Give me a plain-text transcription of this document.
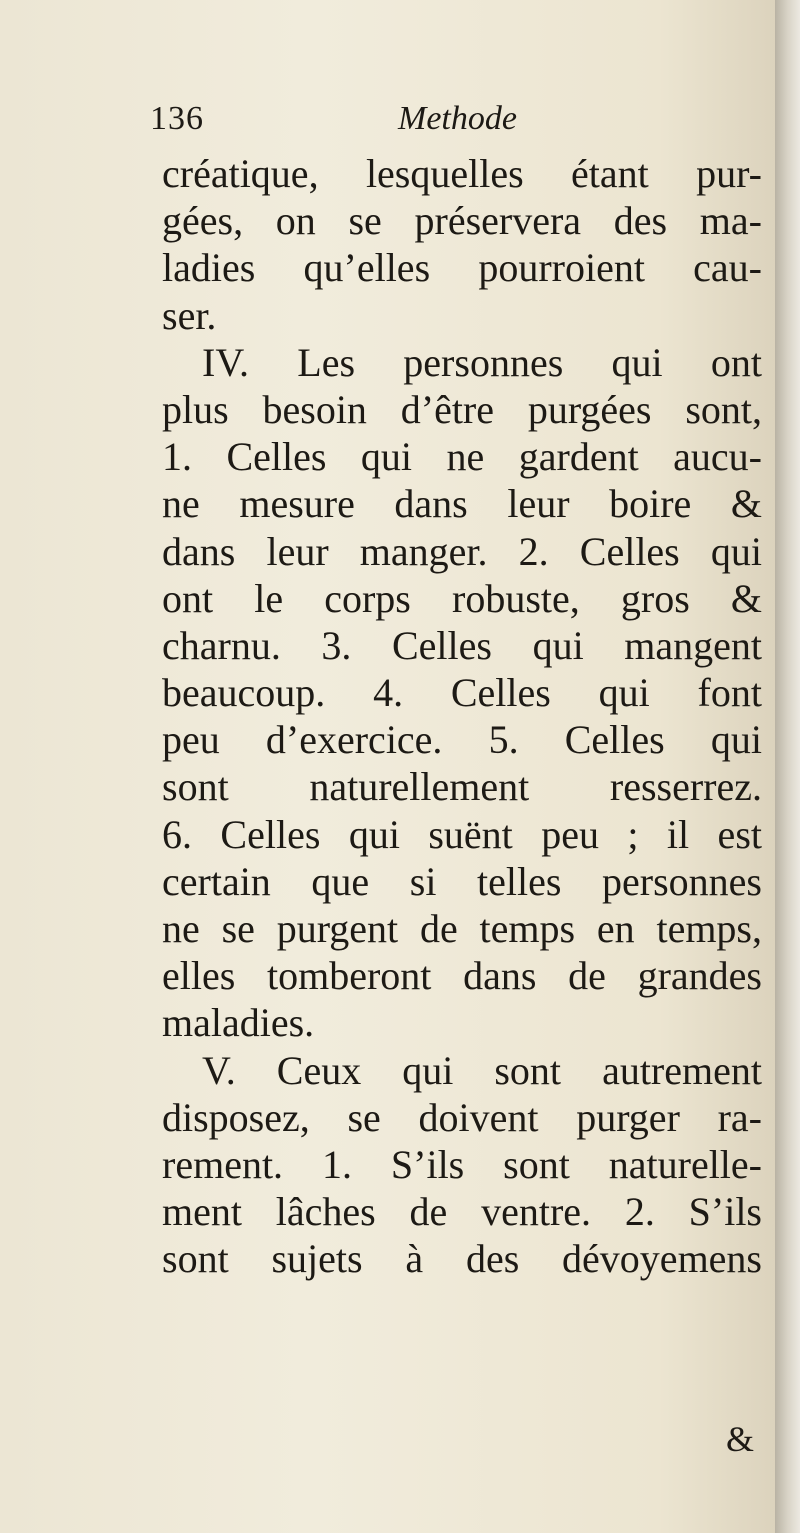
136	Methode
créatique, lesquelles étant pur-
gées, on se préservera des ma-
ladies qu’elles pourroient cau-
ser.
IV. Les personnes qui ont
plus besoin d’être purgées sont,
1. Celles qui ne gardent aucu-
ne mesure dans leur boire &
dans leur manger. 2. Celles qui
ont le corps robuste, gros &
charnu. 3. Celles qui mangent
beaucoup. 4. Celles qui font
peu d’exercice. 5. Celles qui
sont naturellement resserrez.
6. Celles qui suënt peu ; il est
certain que si telles personnes
ne se purgent de temps en temps,
elles tomberont dans de grandes
maladies.
V. Ceux qui sont autrement
disposez, se doivent purger ra-
rement. 1. S’ils sont naturelle-
ment lâches de ventre. 2. S’ils
sont sujets à des dévoyemens
&
